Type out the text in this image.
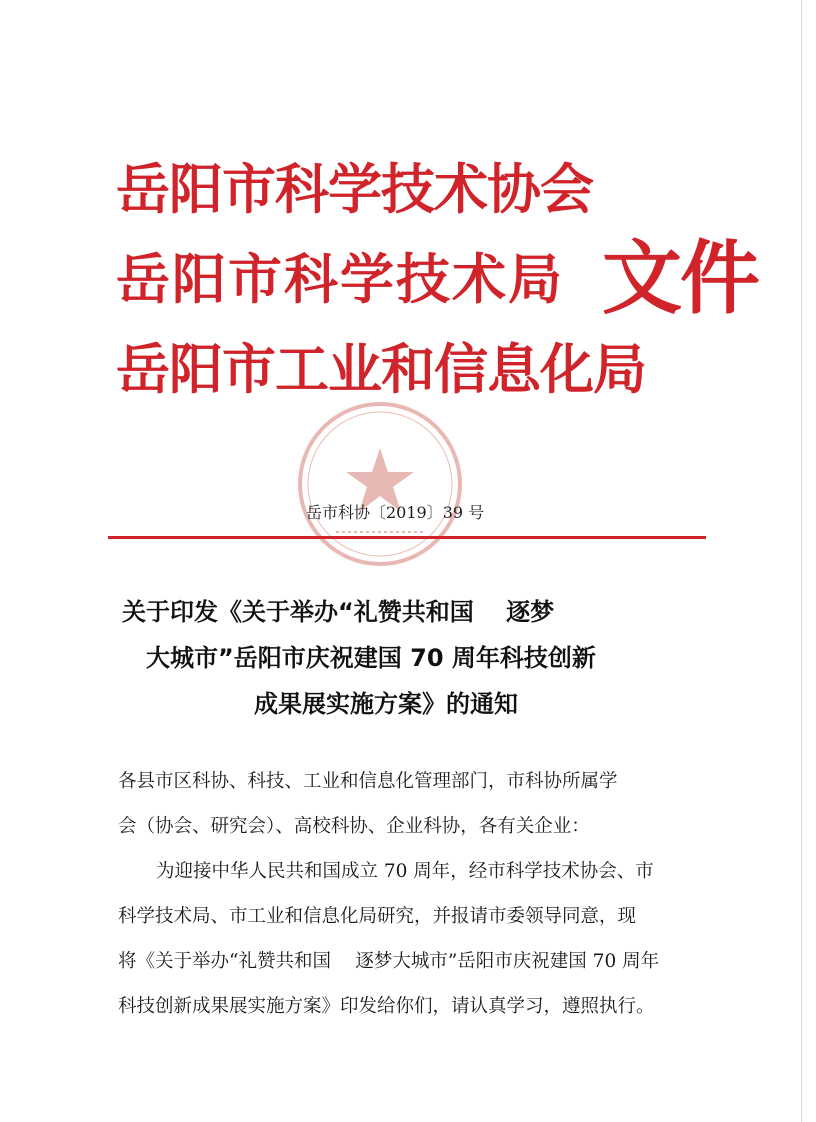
岳阳市科学技术协会
岳阳市科学技术局
岳阳市工业和信息化局
文件
岳市科协〔2019〕39 号
关于印发《关于举办“礼赞共和国　 逐梦
大城市”岳阳市庆祝建国 70 周年科技创新
成果展实施方案》的通知
各县市区科协、科技、工业和信息化管理部门，市科协所属学
会（协会、研究会）、高校科协、企业科协，各有关企业：
为迎接中华人民共和国成立 70 周年，经市科学技术协会、市
科学技术局、市工业和信息化局研究，并报请市委领导同意，现
将《关于举办“礼赞共和国　 逐梦大城市”岳阳市庆祝建国 70 周年
科技创新成果展实施方案》印发给你们，请认真学习，遵照执行。
